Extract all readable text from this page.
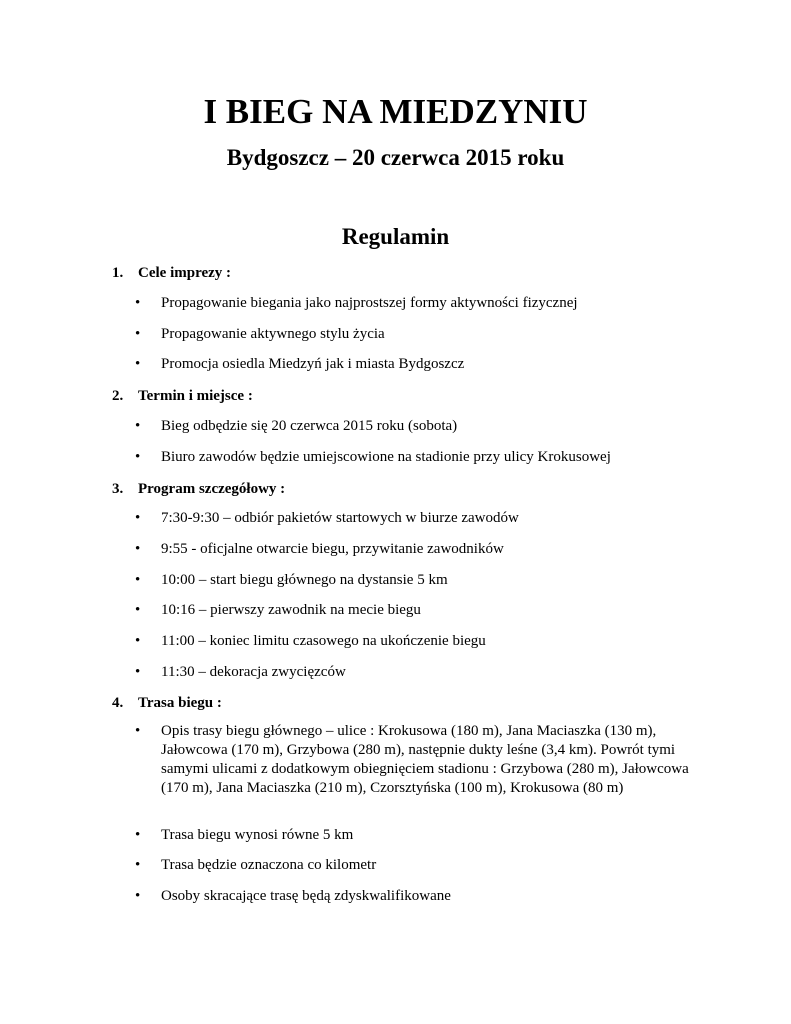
I BIEG NA MIEDZYNIU
Bydgoszcz – 20 czerwca 2015 roku
Regulamin
1. Cele imprezy :
•	Propagowanie biegania jako najprostszej formy aktywności fizycznej
•	Propagowanie aktywnego stylu życia
•	Promocja osiedla Miedzyń jak i miasta Bydgoszcz
2. Termin i miejsce :
•	Bieg odbędzie się 20 czerwca 2015 roku (sobota)
•	Biuro zawodów będzie umiejscowione na stadionie przy ulicy Krokusowej
3. Program szczegółowy :
•	7:30-9:30 – odbiór pakietów startowych w biurze zawodów
•	9:55 - oficjalne otwarcie biegu, przywitanie zawodników
•	10:00 – start biegu głównego na dystansie 5 km
•	10:16 – pierwszy zawodnik na mecie biegu
•	11:00 – koniec limitu czasowego na ukończenie biegu
•	11:30 – dekoracja zwycięzców
4. Trasa biegu :
•	Opis trasy biegu głównego – ulice : Krokusowa (180 m), Jana Maciaszka (130 m), Jałowcowa (170 m), Grzybowa (280 m), następnie dukty leśne (3,4 km). Powrót tymi samymi ulicami z dodatkowym obiegnięciem stadionu : Grzybowa (280 m), Jałowcowa (170 m), Jana Maciaszka (210 m), Czorsztyńska (100 m), Krokusowa (80 m)
•	Trasa biegu wynosi równe 5 km
•	Trasa będzie oznaczona co kilometr
•	Osoby skracające trasę będą zdyskwalifikowane
